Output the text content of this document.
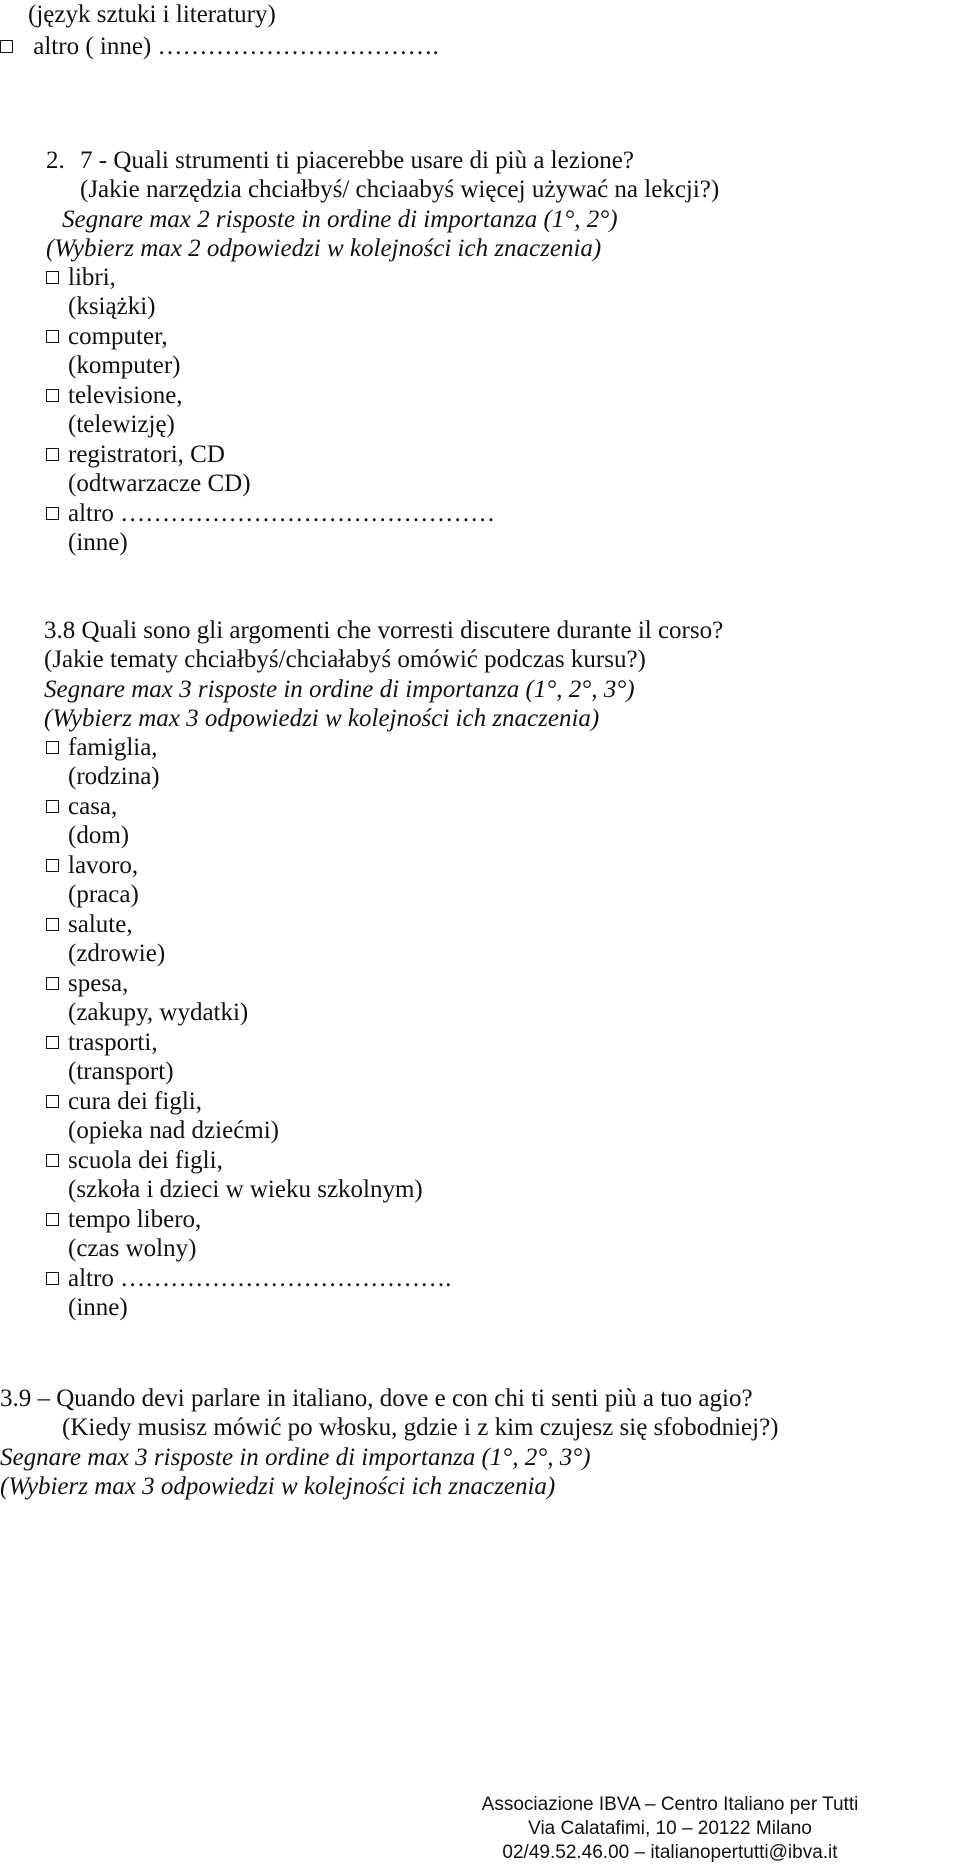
(język sztuki i literatury)
altro ( inne) …………………………….
2. 7 - Quali strumenti ti piacerebbe usare di più a lezione?
(Jakie narzędzia chciałbyś/ chciaabyś więcej używać na lekcji?)
Segnare max 2 risposte in ordine di importanza (1°, 2°)
(Wybierz max 2 odpowiedzi w kolejności ich znaczenia)
libri,
(książki)
computer,
(komputer)
televisione,
(telewizję)
registratori, CD
(odtwarzacze CD)
altro ………………………………………
(inne)
3.8 Quali sono gli argomenti che vorresti discutere durante il corso?
(Jakie tematy chciałbyś/chciałabyś omówić podczas kursu?)
Segnare max 3 risposte in ordine di importanza (1°, 2°, 3°)
(Wybierz max 3 odpowiedzi w kolejności ich znaczenia)
famiglia,
(rodzina)
casa,
(dom)
lavoro,
(praca)
salute,
(zdrowie)
spesa,
(zakupy, wydatki)
trasporti,
(transport)
cura dei figli,
(opieka nad dziećmi)
scuola dei figli,
(szkoła i dzieci w wieku szkolnym)
tempo libero,
(czas wolny)
altro ………………………………….
(inne)
3.9 – Quando devi parlare in italiano, dove e con chi ti senti più a tuo agio?
(Kiedy musisz mówić po włosku, gdzie i z kim czujesz się sfobodniej?)
Segnare max 3 risposte in ordine di importanza (1°, 2°, 3°)
(Wybierz max 3 odpowiedzi w kolejności ich znaczenia)
Associazione IBVA – Centro Italiano per Tutti
Via Calatafimi, 10 – 20122 Milano
02/49.52.46.00 – italianopertutti@ibva.it
